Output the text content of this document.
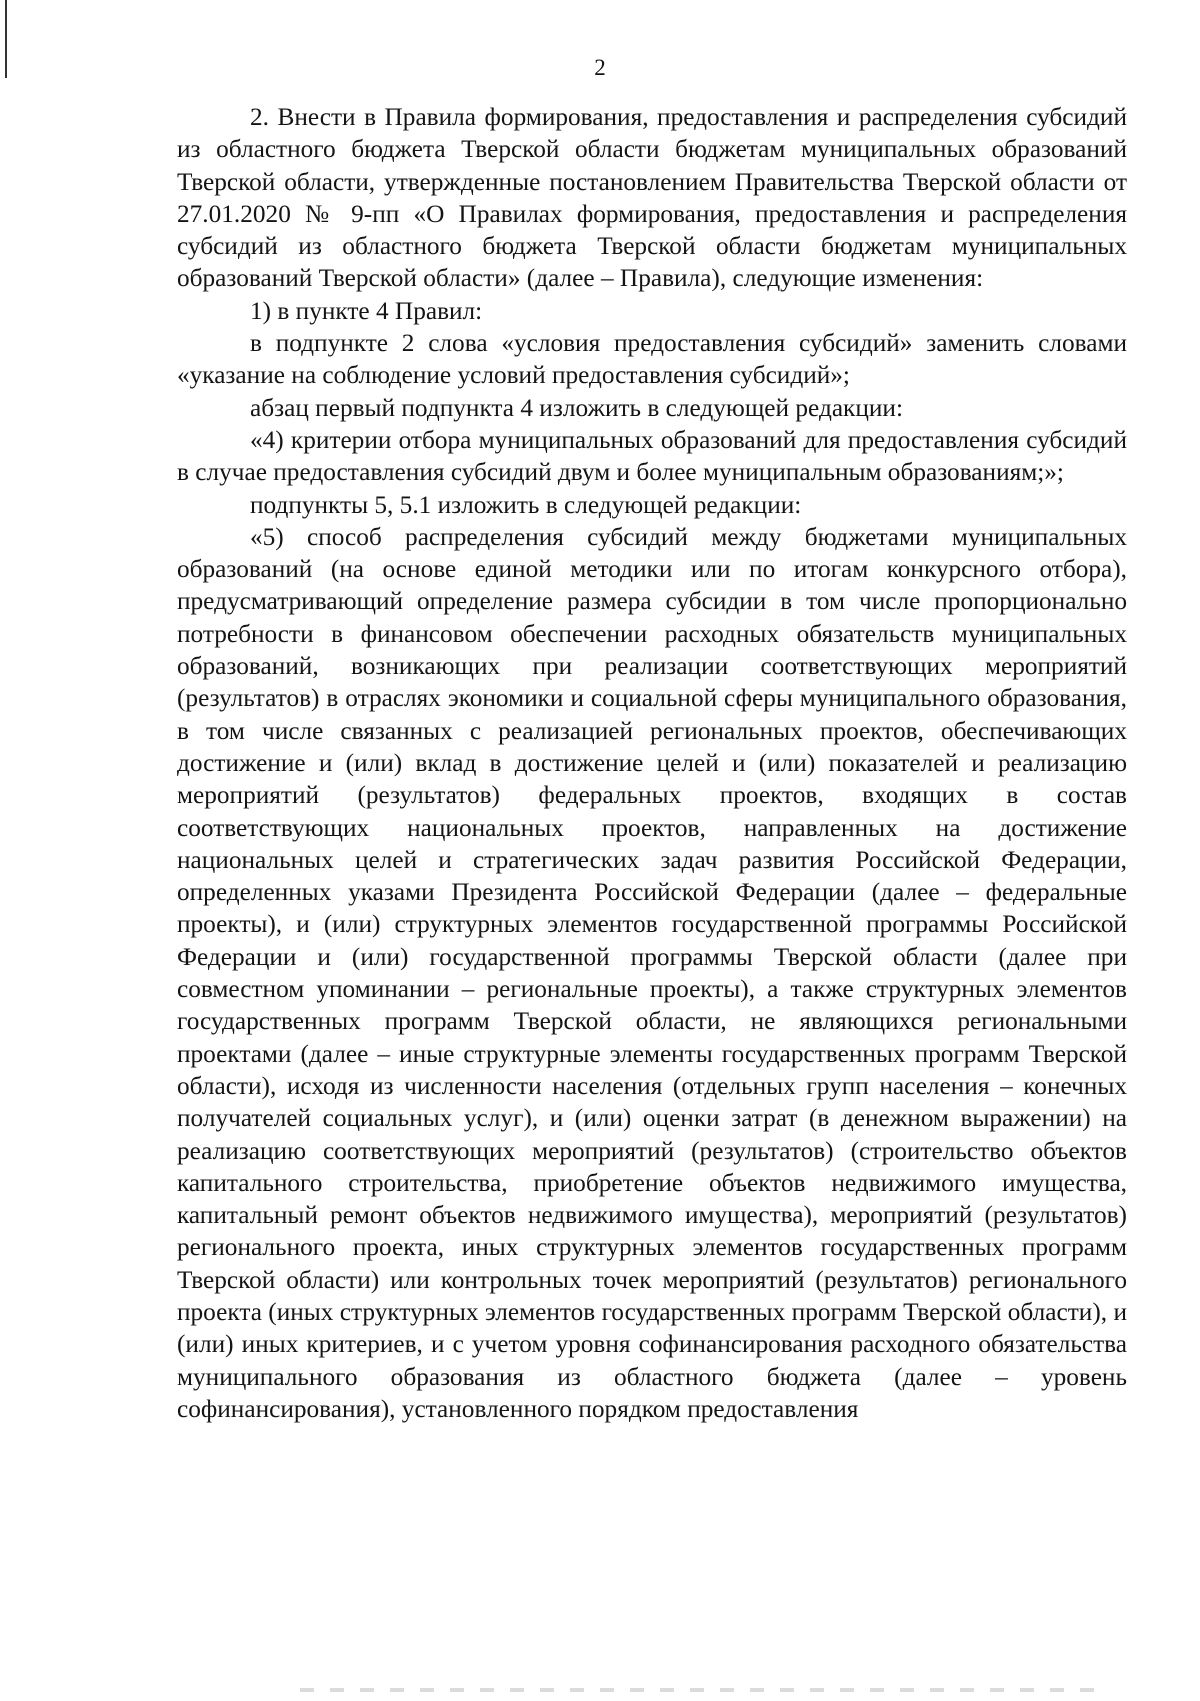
2

2. Внести в Правила формирования, предоставления и распределения субсидий из областного бюджета Тверской области бюджетам муниципальных образований Тверской области, утвержденные постановлением Правительства Тверской области от 27.01.2020 № 9-пп «О Правилах формирования, предоставления и распределения субсидий из областного бюджета Тверской области бюджетам муниципальных образований Тверской области» (далее – Правила), следующие изменения:

1) в пункте 4 Правил:

в подпункте 2 слова «условия предоставления субсидий» заменить словами «указание на соблюдение условий предоставления субсидий»;

абзац первый подпункта 4 изложить в следующей редакции:

«4) критерии отбора муниципальных образований для предоставления субсидий в случае предоставления субсидий двум и более муниципальным образованиям;»;

подпункты 5, 5.1 изложить в следующей редакции:

«5) способ распределения субсидий между бюджетами муниципальных образований (на основе единой методики или по итогам конкурсного отбора), предусматривающий определение размера субсидии в том числе пропорционально потребности в финансовом обеспечении расходных обязательств муниципальных образований, возникающих при реализации соответствующих мероприятий (результатов) в отраслях экономики и социальной сферы муниципального образования, в том числе связанных с реализацией региональных проектов, обеспечивающих достижение и (или) вклад в достижение целей и (или) показателей и реализацию мероприятий (результатов) федеральных проектов, входящих в состав соответствующих национальных проектов, направленных на достижение национальных целей и стратегических задач развития Российской Федерации, определенных указами Президента Российской Федерации (далее – федеральные проекты), и (или) структурных элементов государственной программы Российской Федерации и (или) государственной программы Тверской области (далее при совместном упоминании – региональные проекты), а также структурных элементов государственных программ Тверской области, не являющихся региональными проектами (далее – иные структурные элементы государственных программ Тверской области), исходя из численности населения (отдельных групп населения – конечных получателей социальных услуг), и (или) оценки затрат (в денежном выражении) на реализацию соответствующих мероприятий (результатов) (строительство объектов капитального строительства, приобретение объектов недвижимого имущества, капитальный ремонт объектов недвижимого имущества), мероприятий (результатов) регионального проекта, иных структурных элементов государственных программ Тверской области) или контрольных точек мероприятий (результатов) регионального проекта (иных структурных элементов государственных программ Тверской области), и (или) иных критериев, и с учетом уровня софинансирования расходного обязательства муниципального образования из областного бюджета (далее – уровень софинансирования), установленного порядком предоставления
